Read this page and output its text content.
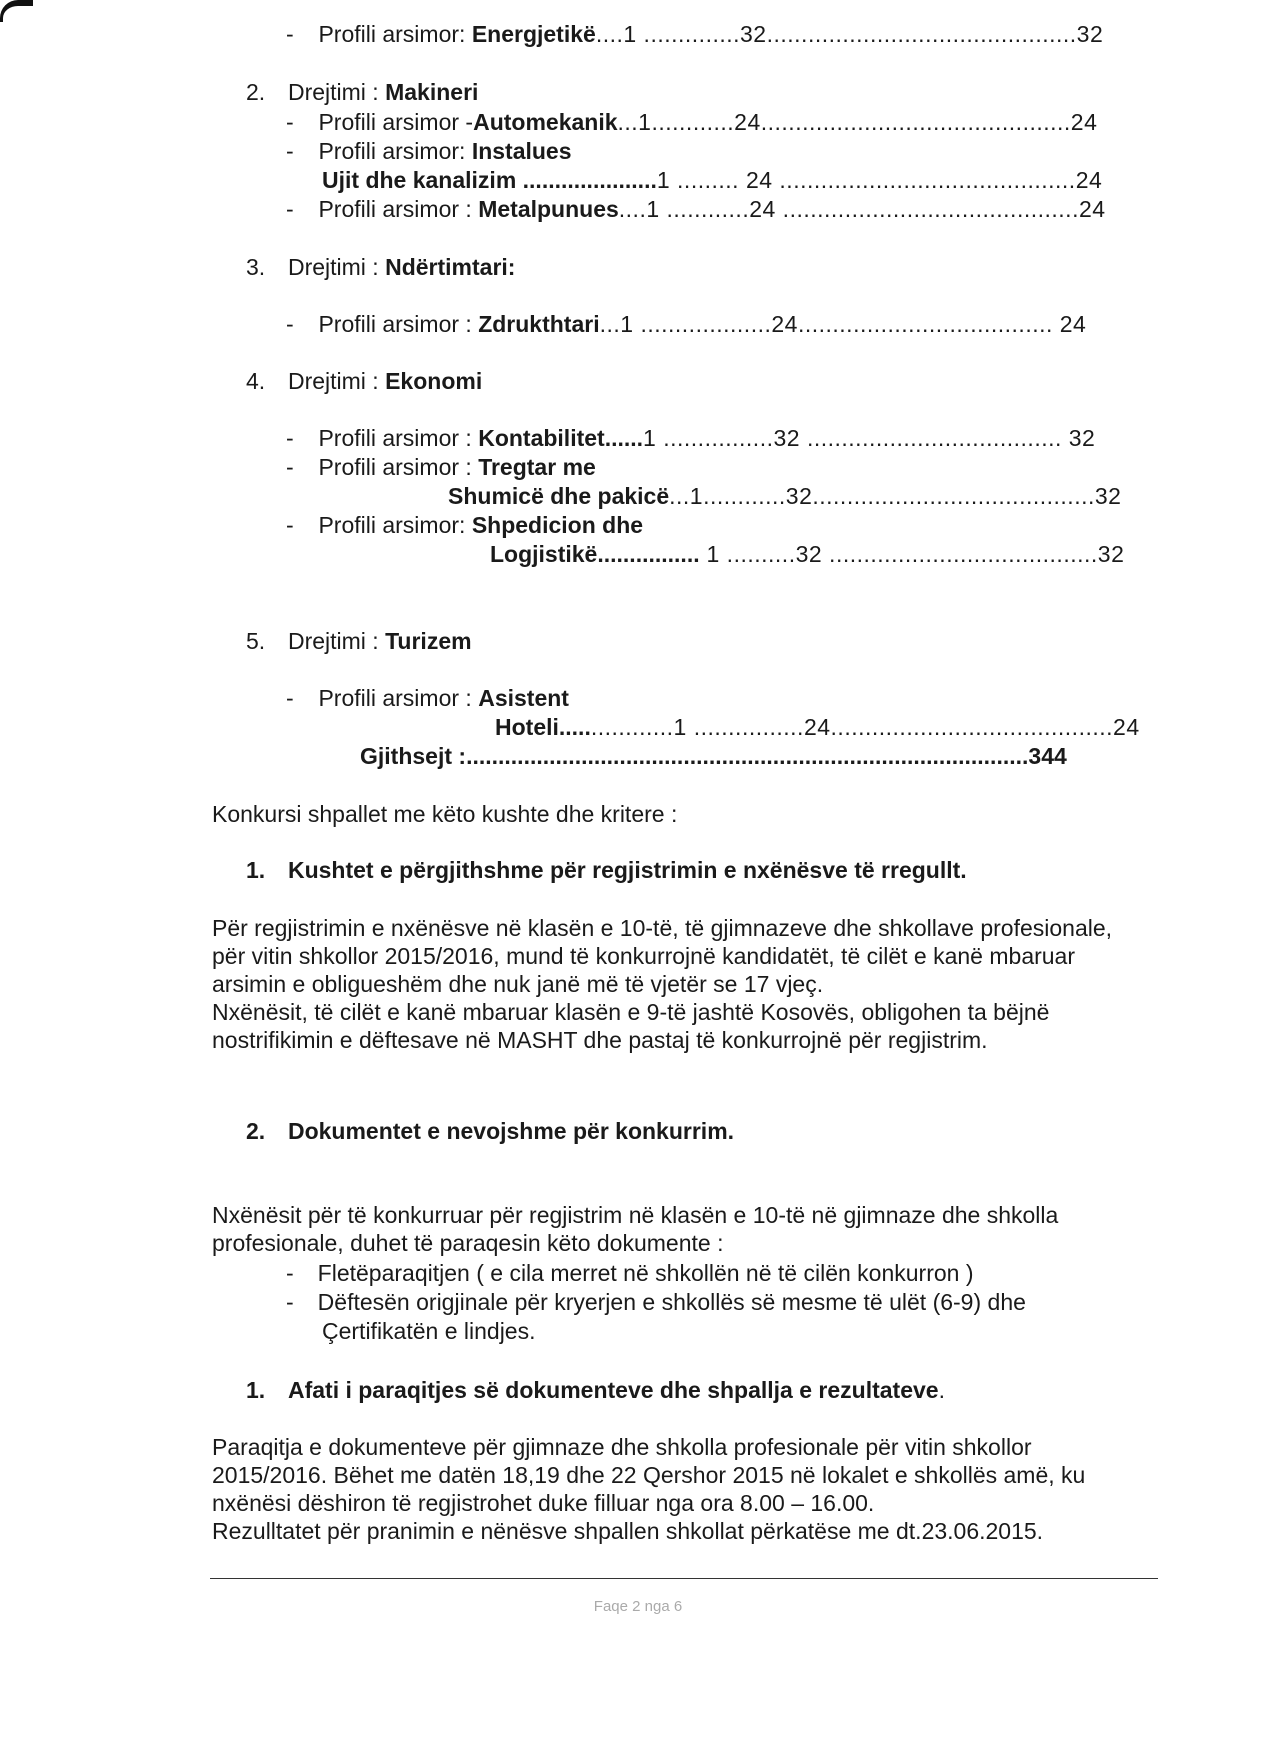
- Profili arsimor: Energjetikë....1 ..............32.............................................32
2. Drejtimi : Makineri
- Profili arsimor -Automekanik...1............24.............................................24
- Profili arsimor: Instalues
Ujit dhe kanalizim .....................1 ......... 24 ...........................................24
- Profili arsimor : Metalpunues....1 ............24 ...........................................24
3. Drejtimi : Ndërtimtari:
- Profili arsimor : Zdrukthtari...1 ...................24..................................... 24
4. Drejtimi : Ekonomi
- Profili arsimor : Kontabilitet......1 ................32 ..................................... 32
- Profili arsimor : Tregtar me
Shumicë dhe pakicë...1............32.........................................32
- Profili arsimor: Shpedicion dhe
Logjistikë................ 1 ..........32 .......................................32
5. Drejtimi : Turizem
- Profili arsimor : Asistent
Hoteli.................1 ................24.........................................24
Gjithsejt :........................................................................................344
Konkursi shpallet me këto kushte dhe kritere :
1. Kushtet e përgjithshme për regjistrimin e nxënësve të rregullt.
Për regjistrimin e nxënësve në klasën e 10-të, të gjimnazeve dhe shkollave profesionale,
për vitin shkollor 2015/2016, mund të konkurrojnë kandidatët, të cilët e kanë mbaruar
arsimin e obligueshëm dhe nuk janë më të vjetër se 17 vjeç.
Nxënësit, të cilët e kanë mbaruar klasën e 9-të jashtë Kosovës, obligohen ta bëjnë
nostrifikimin e dëftesave në MASHT dhe pastaj të konkurrojnë për regjistrim.
2. Dokumentet e nevojshme për konkurrim.
Nxënësit për të konkurruar për regjistrim në klasën e 10-të në gjimnaze dhe shkolla
profesionale, duhet të paraqesin këto dokumente :
- Fletëparaqitjen ( e cila merret në shkollën në të cilën konkurron )
- Dëftesën origjinale për kryerjen e shkollës së mesme të ulët (6-9) dhe
Çertifikatën e lindjes.
1. Afati i paraqitjes së dokumenteve dhe shpallja e rezultateve.
Paraqitja e dokumenteve për gjimnaze dhe shkolla profesionale për vitin shkollor
2015/2016. Bëhet me datën 18,19 dhe 22 Qershor 2015 në lokalet e shkollës amë, ku
nxënësi dëshiron të regjistrohet duke filluar nga ora 8.00 – 16.00.
Rezulltatet për pranimin e nënësve shpallen shkollat përkatëse me dt.23.06.2015.
Faqe 2 nga 6
